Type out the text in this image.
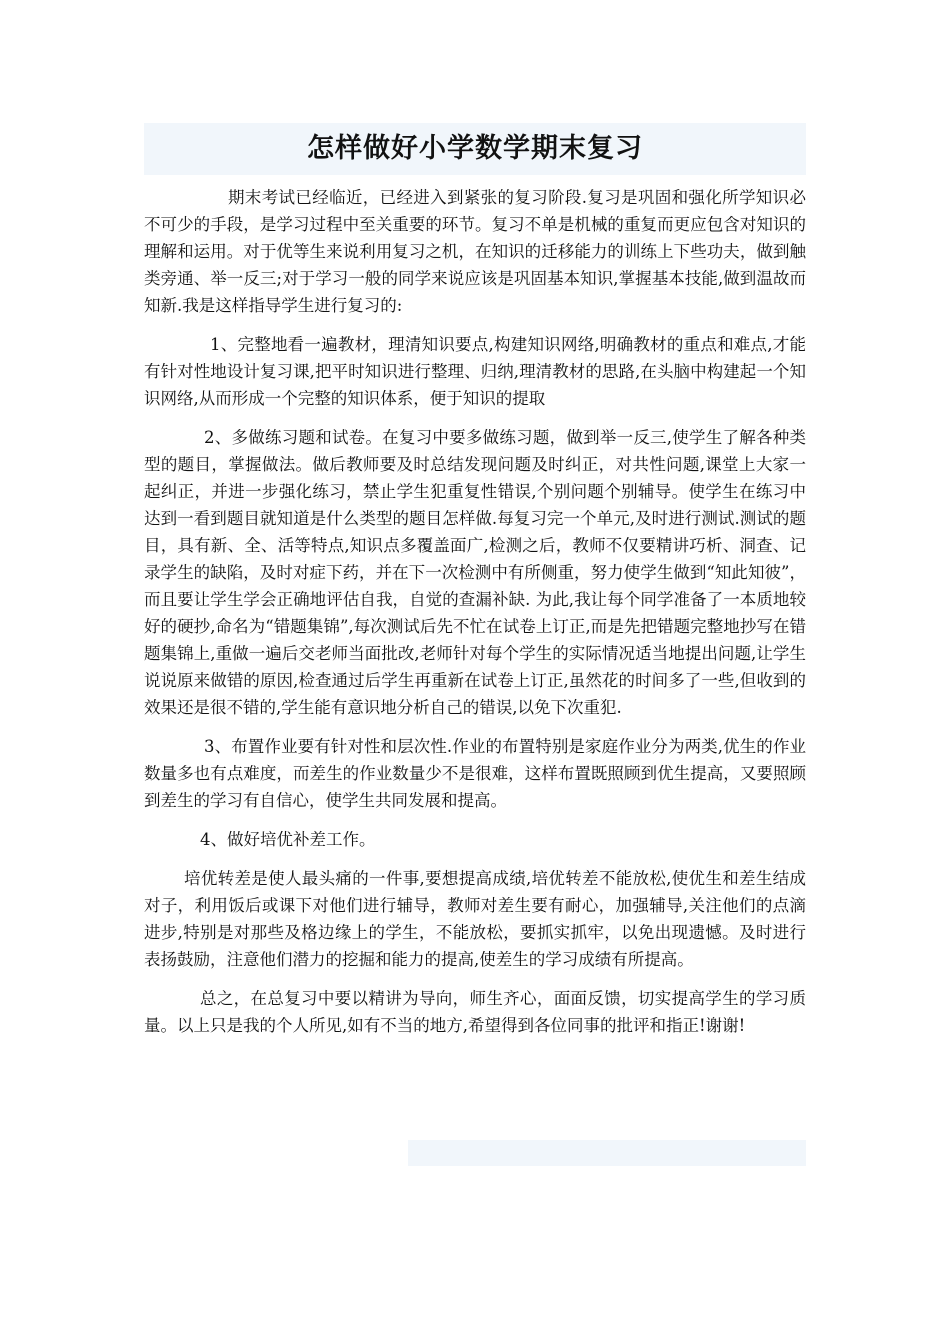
怎样做好小学数学期末复习

期末考试已经临近，已经进入到紧张的复习阶段.复习是巩固和强化所学知识必不可少的手段，是学习过程中至关重要的环节。复习不单是机械的重复而更应包含对知识的理解和运用。对于优等生来说利用复习之机，在知识的迁移能力的训练上下些功夫，做到触类旁通、举一反三;对于学习一般的同学来说应该是巩固基本知识,掌握基本技能,做到温故而知新.我是这样指导学生进行复习的:

1、完整地看一遍教材，理清知识要点,构建知识网络,明确教材的重点和难点,才能有针对性地设计复习课,把平时知识进行整理、归纳,理清教材的思路,在头脑中构建起一个知识网络,从而形成一个完整的知识体系，便于知识的提取

2、多做练习题和试卷。在复习中要多做练习题，做到举一反三,使学生了解各种类型的题目，掌握做法。做后教师要及时总结发现问题及时纠正，对共性问题,课堂上大家一起纠正，并进一步强化练习，禁止学生犯重复性错误,个别问题个别辅导。使学生在练习中达到一看到题目就知道是什么类型的题目怎样做.每复习完一个单元,及时进行测试.测试的题目，具有新、全、活等特点,知识点多覆盖面广,检测之后，教师不仅要精讲巧析、洞查、记录学生的缺陷，及时对症下药，并在下一次检测中有所侧重，努力使学生做到“知此知彼”，而且要让学生学会正确地评估自我，自觉的查漏补缺. 为此,我让每个同学准备了一本质地较好的硬抄,命名为“错题集锦”,每次测试后先不忙在试卷上订正,而是先把错题完整地抄写在错题集锦上,重做一遍后交老师当面批改,老师针对每个学生的实际情况适当地提出问题,让学生说说原来做错的原因,检查通过后学生再重新在试卷上订正,虽然花的时间多了一些,但收到的效果还是很不错的,学生能有意识地分析自己的错误,以免下次重犯.

3、布置作业要有针对性和层次性.作业的布置特别是家庭作业分为两类,优生的作业数量多也有点难度，而差生的作业数量少不是很难，这样布置既照顾到优生提高，又要照顾到差生的学习有自信心，使学生共同发展和提高。

4、做好培优补差工作。

培优转差是使人最头痛的一件事,要想提高成绩,培优转差不能放松,使优生和差生结成对子，利用饭后或课下对他们进行辅导，教师对差生要有耐心，加强辅导,关注他们的点滴进步,特别是对那些及格边缘上的学生，不能放松，要抓实抓牢，以免出现遗憾。及时进行表扬鼓励，注意他们潜力的挖掘和能力的提高,使差生的学习成绩有所提高。

总之，在总复习中要以精讲为导向，师生齐心，面面反馈，切实提高学生的学习质量。以上只是我的个人所见,如有不当的地方,希望得到各位同事的批评和指正!谢谢!
